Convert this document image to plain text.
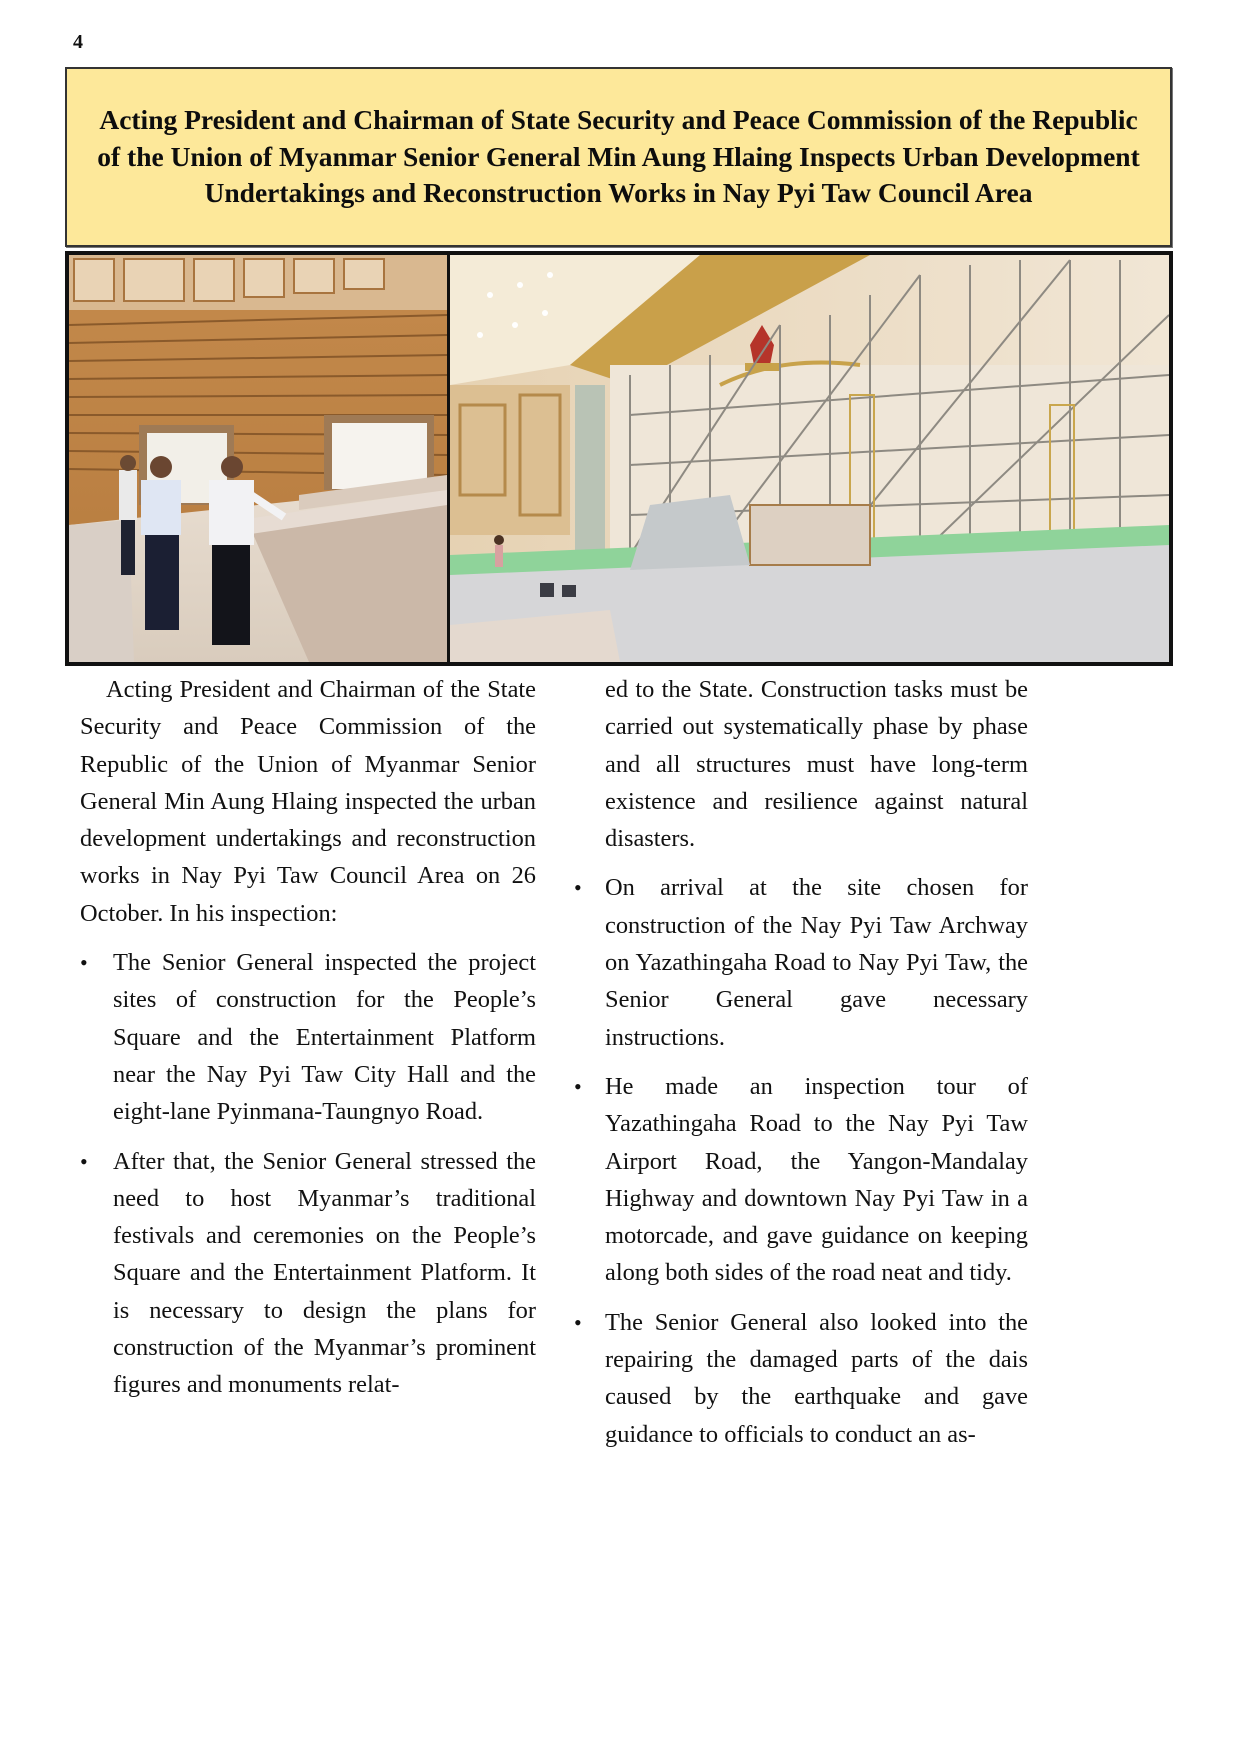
4
Acting President and Chairman of State Security and Peace Commission of the Republic of the Union of Myanmar Senior General Min Aung Hlaing Inspects Urban Development Undertakings and Reconstruction Works in Nay Pyi Taw Council Area

Acting President and Chairman of the State Security and Peace Commission of the Republic of the Union of Myanmar Senior General Min Aung Hlaing inspected the urban development undertakings and reconstruction works in Nay Pyi Taw Council Area on 26 October. In his inspection:

• The Senior General inspected the project sites of construction for the People’s Square and the Entertainment Platform near the Nay Pyi Taw City Hall and the eight-lane Pyinmana-Taungnyo Road.
• After that, the Senior General stressed the need to host Myanmar’s traditional festivals and ceremonies on the People’s Square and the Entertainment Platform. It is necessary to design the plans for construction of the Myanmar’s prominent figures and monuments relat-

ed to the State. Construction tasks must be carried out systematically phase by phase and all structures must have long-term existence and resilience against natural disasters.

• On arrival at the site chosen for construction of the Nay Pyi Taw Archway on Yazathingaha Road to Nay Pyi Taw, the Senior General gave necessary instructions.
• He made an inspection tour of Yazathingaha Road to the Nay Pyi Taw Airport Road, the Yangon-Mandalay Highway and downtown Nay Pyi Taw in a motorcade, and gave guidance on keeping along both sides of the road neat and tidy.
• The Senior General also looked into the repairing the damaged parts of the dais caused by the earthquake and gave guidance to officials to conduct an as-
